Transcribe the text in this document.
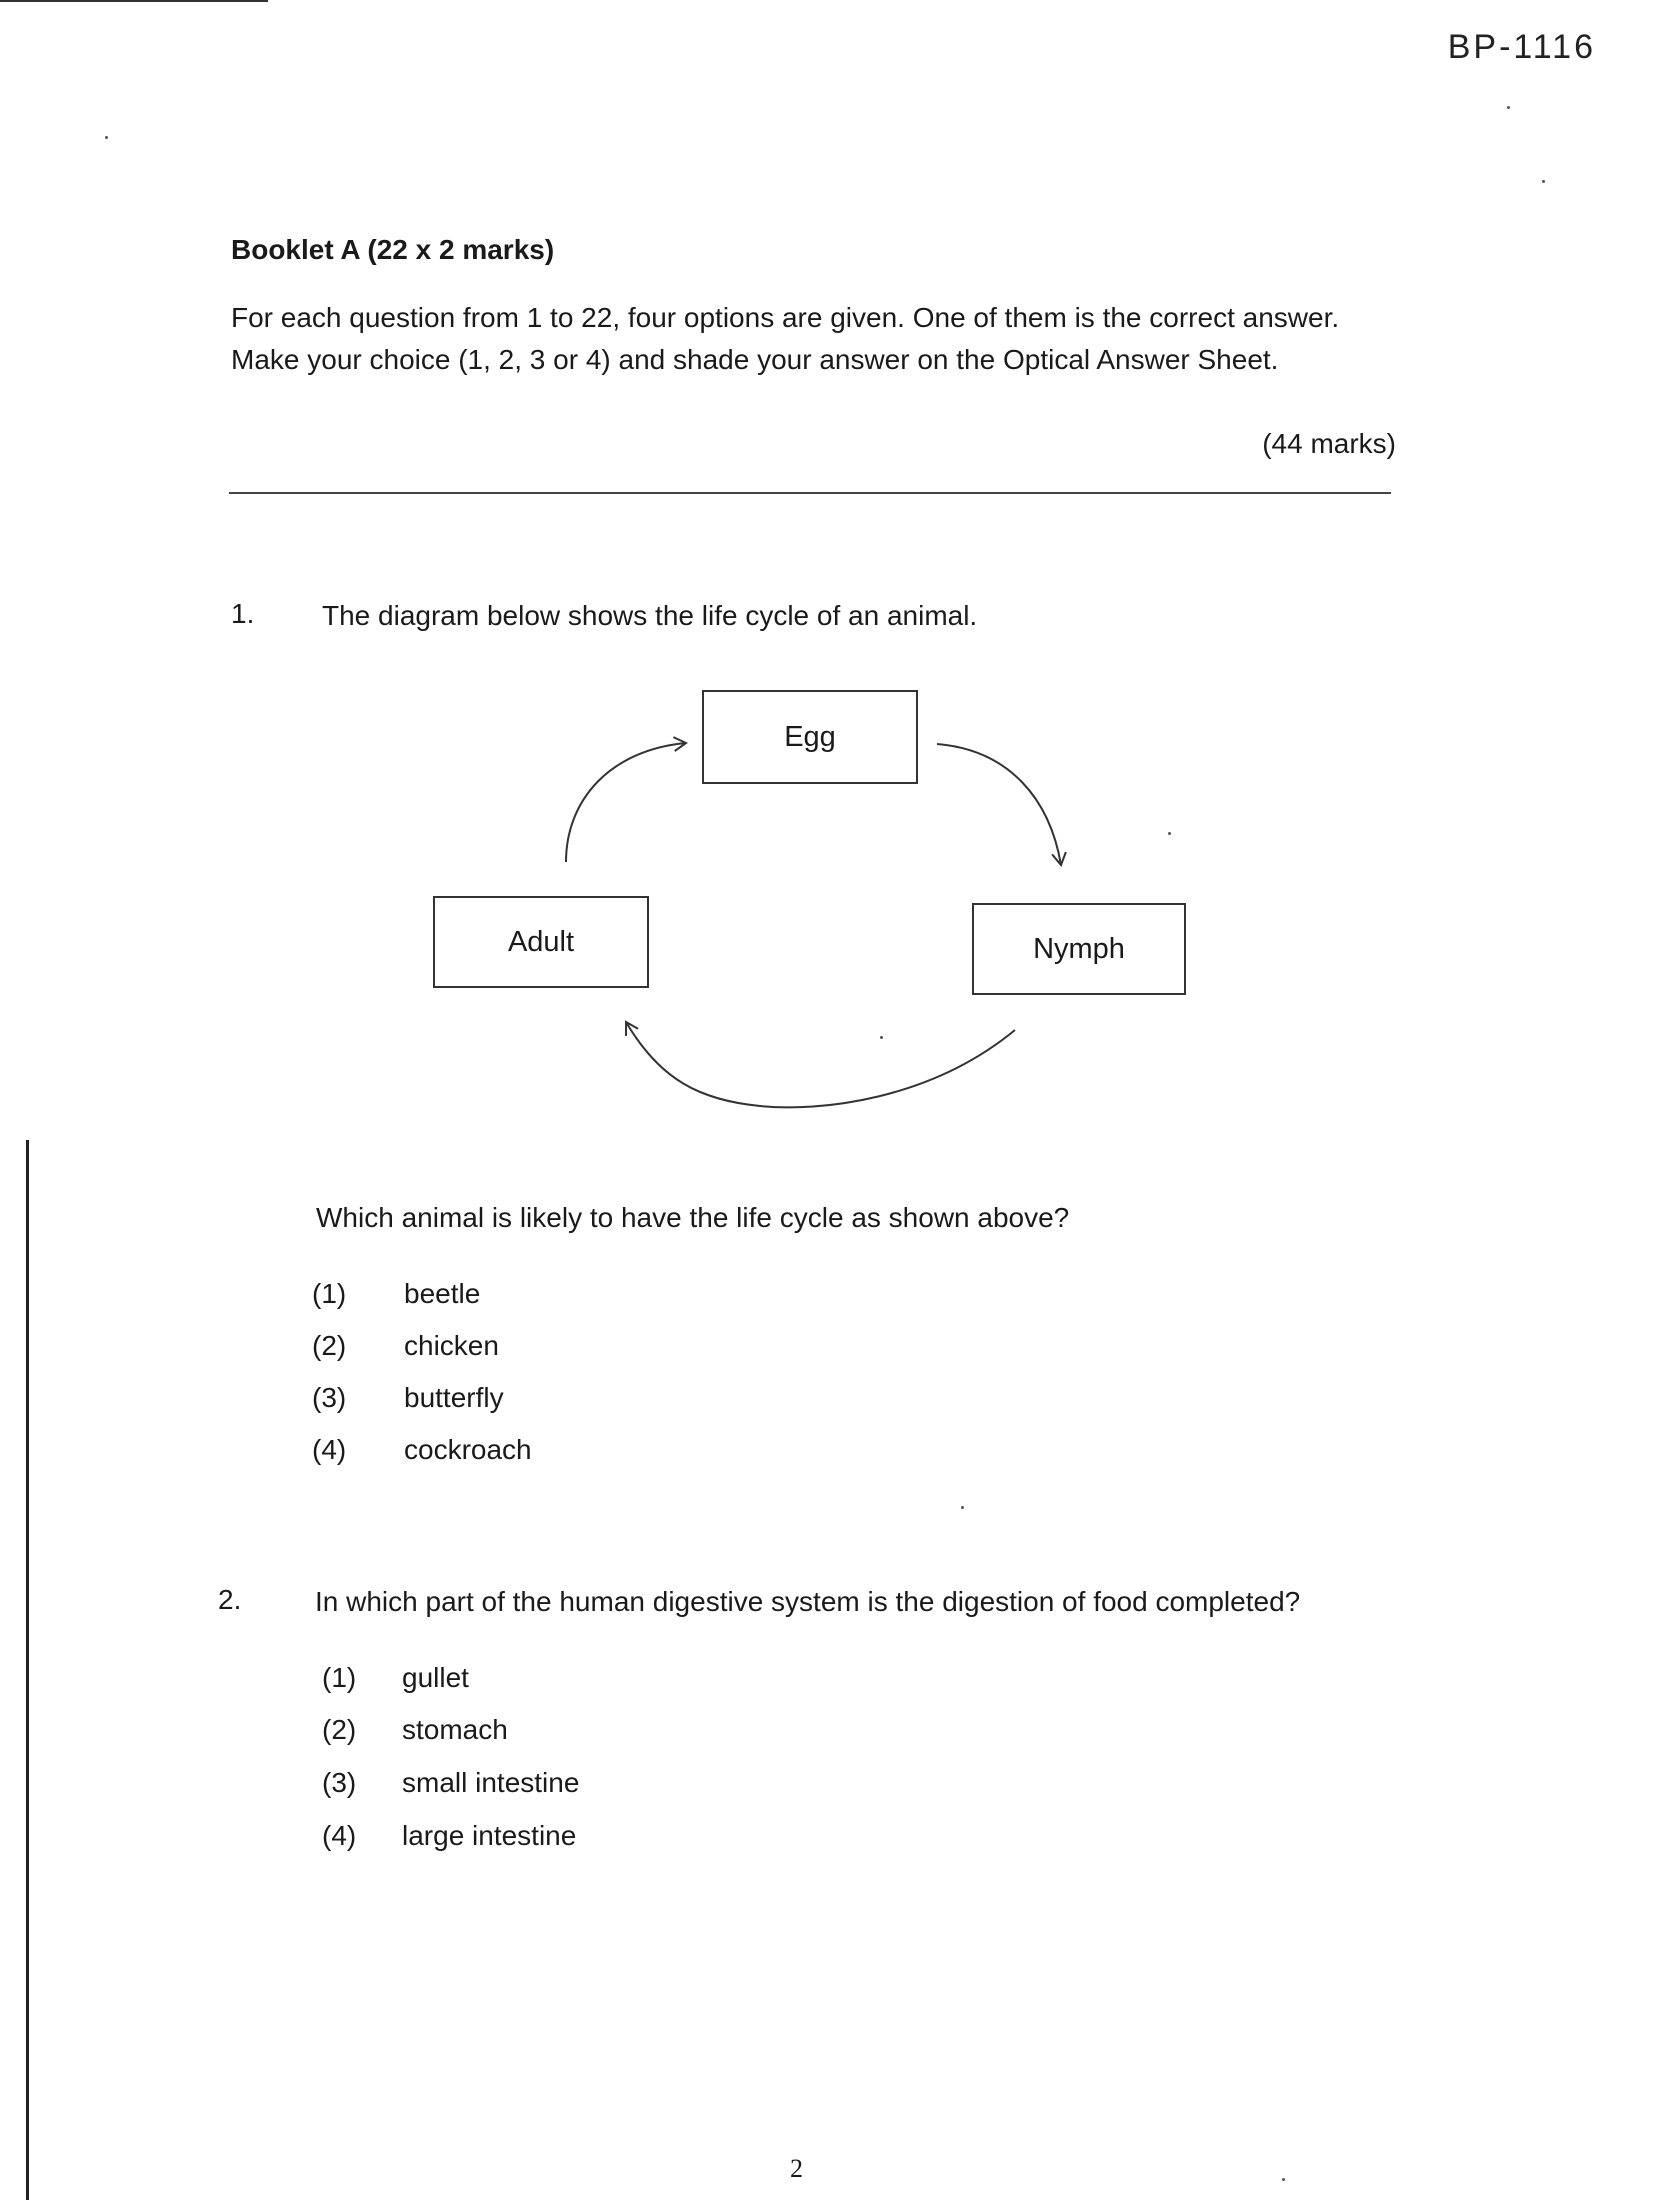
BP-1116
Booklet A (22 x 2 marks)
For each question from 1 to 22, four options are given. One of them is the correct answer.
Make your choice (1, 2, 3 or 4) and shade your answer on the Optical Answer Sheet.
(44 marks)
1. The diagram below shows the life cycle of an animal.
Egg
Nymph
Adult
Which animal is likely to have the life cycle as shown above?
(1) beetle
(2) chicken
(3) butterfly
(4) cockroach
2.	In which part of the human digestive system is the digestion of food completed?
(1) gullet
(2) stomach
(3) small intestine
(4) large intestine
2
